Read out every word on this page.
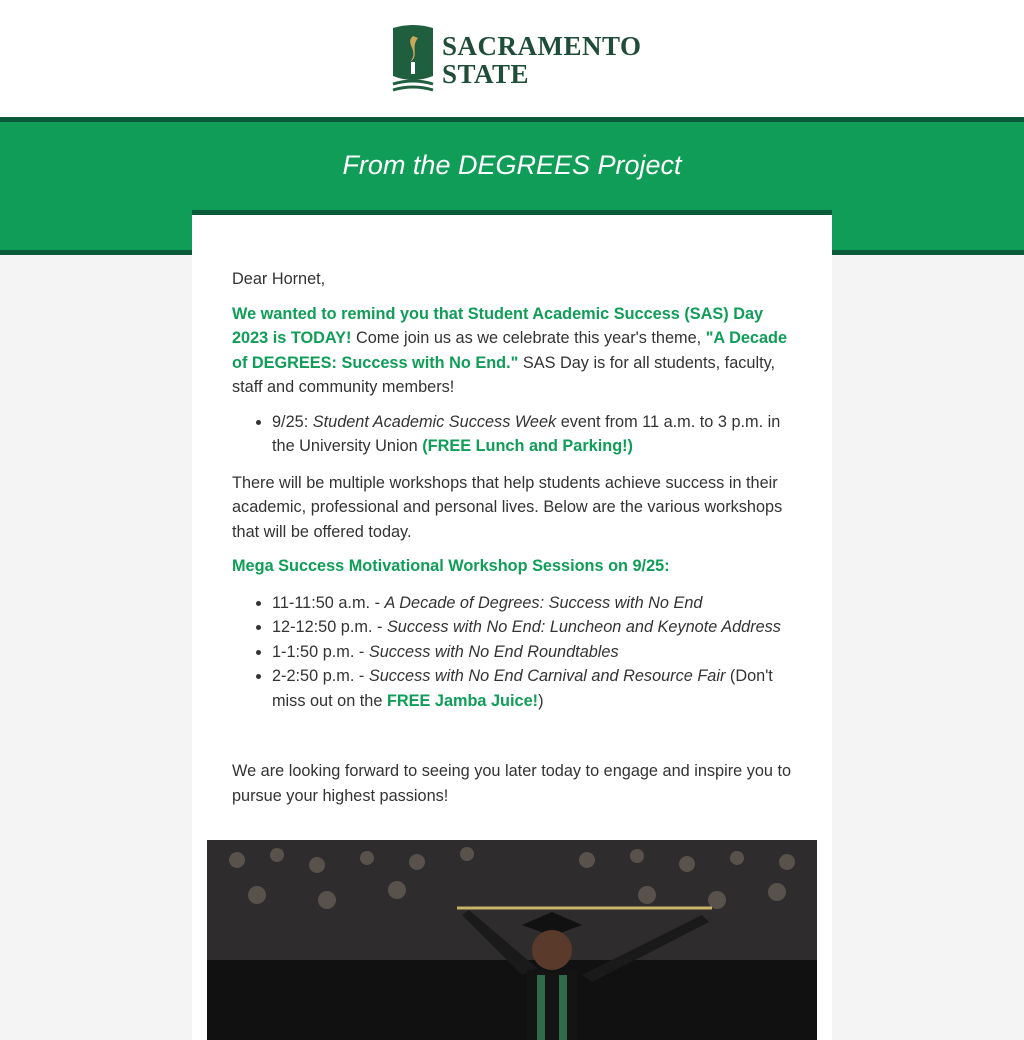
SACRAMENTO
STATE
From the DEGREES Project

Dear Hornet,

We wanted to remind you that Student Academic Success (SAS) Day 2023 is TODAY! Come join us as we celebrate this year's theme, "A Decade of DEGREES: Success with No End." SAS Day is for all students, faculty, staff and community members!

• 9/25: Student Academic Success Week event from 11 a.m. to 3 p.m. in the University Union (FREE Lunch and Parking!)

There will be multiple workshops that help students achieve success in their academic, professional and personal lives. Below are the various workshops that will be offered today.

Mega Success Motivational Workshop Sessions on 9/25:

• 11-11:50 a.m. - A Decade of Degrees: Success with No End
• 12-12:50 p.m. - Success with No End: Luncheon and Keynote Address
• 1-1:50 p.m. - Success with No End Roundtables
• 2-2:50 p.m. - Success with No End Carnival and Resource Fair (Don't miss out on the FREE Jamba Juice!)

We are looking forward to seeing you later today to engage and inspire you to pursue your highest passions!
